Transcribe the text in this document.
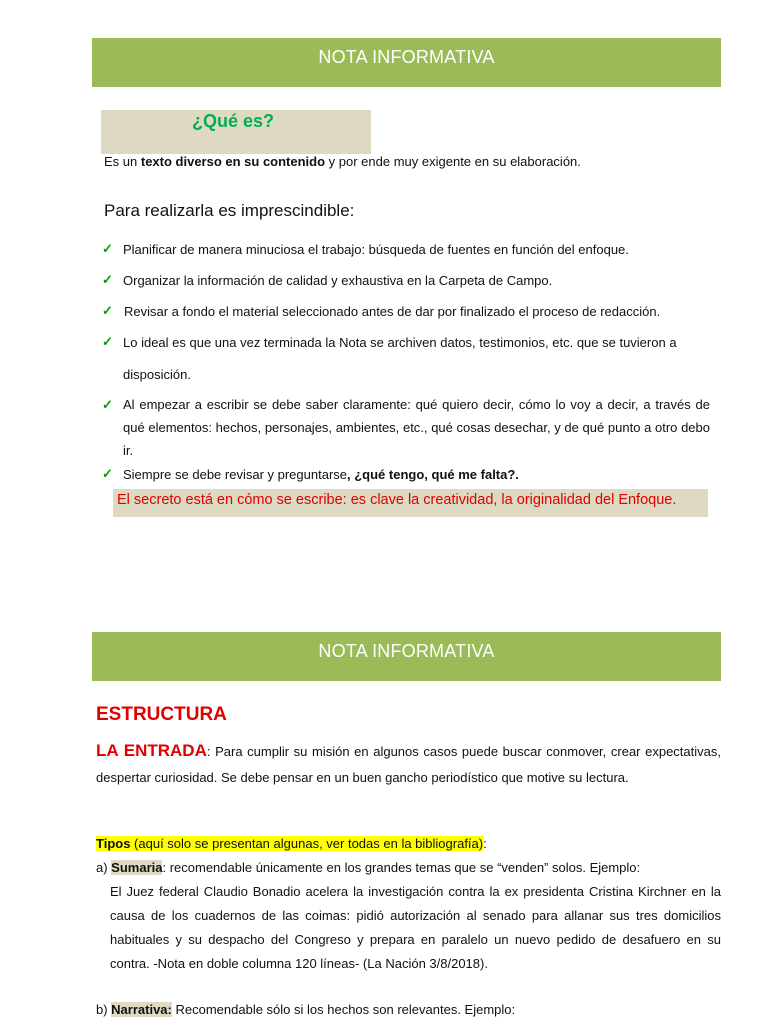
NOTA INFORMATIVA
¿Qué es?
Es un texto diverso en su contenido y por ende muy exigente en su elaboración.
Para realizarla es imprescindible:
✓ Planificar de manera minuciosa el trabajo: búsqueda de fuentes en función del enfoque.
✓ Organizar la información de calidad y exhaustiva en la Carpeta de Campo.
✓ Revisar a fondo el material seleccionado antes de dar por finalizado el proceso de redacción.
✓ Lo ideal es que una vez terminada la Nota se archiven datos, testimonios, etc. que se tuvieron a
disposición.
✓ Al empezar a escribir se debe saber claramente: qué quiero decir, cómo lo voy a decir, a través de qué elementos: hechos, personajes, ambientes, etc., qué cosas desechar, y de qué punto a otro debo ir.
✓ Siempre se debe revisar y preguntarse, ¿qué tengo, qué me falta?.
El secreto está en cómo se escribe: es clave la creatividad, la originalidad del Enfoque.
NOTA INFORMATIVA
ESTRUCTURA
LA ENTRADA: Para cumplir su misión en algunos casos puede buscar conmover, crear expectativas, despertar curiosidad. Se debe pensar en un buen gancho periodístico que motive su lectura.
Tipos (aquí solo se presentan algunas, ver todas en la bibliografía):
a) Sumaria: recomendable únicamente en los grandes temas que se “venden” solos. Ejemplo:
El Juez federal Claudio Bonadio acelera la investigación contra la ex presidenta Cristina Kirchner en la causa de los cuadernos de las coimas: pidió autorización al senado para allanar sus tres domicilios habituales y su despacho del Congreso y prepara en paralelo un nuevo pedido de desafuero en su contra. -Nota en doble columna 120 líneas- (La Nación 3/8/2018).
b) Narrativa: Recomendable sólo si los hechos son relevantes. Ejemplo:
